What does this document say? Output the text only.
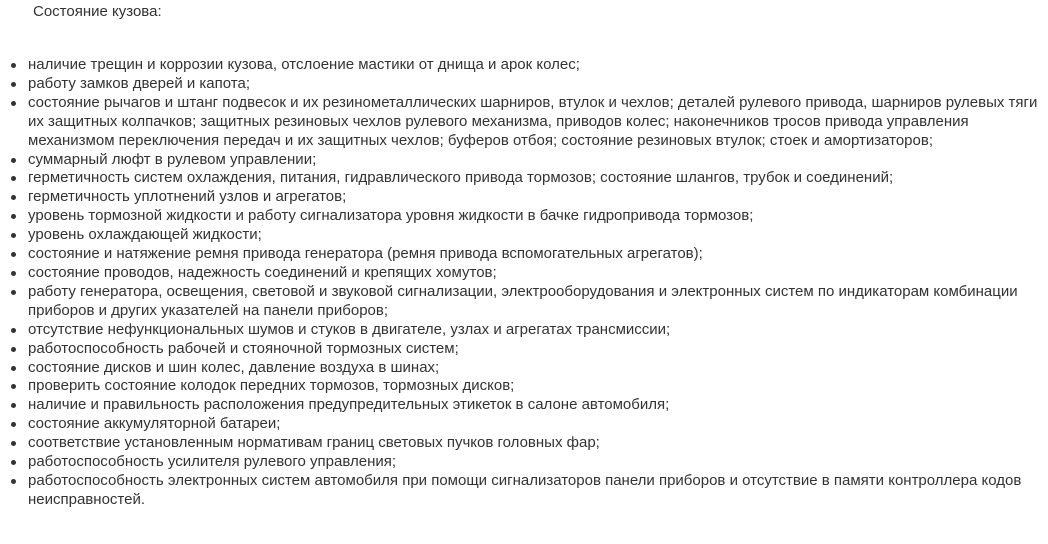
Состояние кузова:

наличие трещин и коррозии кузова, отслоение мастики от днища и арок колес;
работу замков дверей и капота;
состояние рычагов и штанг подвесок и их резинометаллических шарниров, втулок и чехлов; деталей рулевого привода, шарниров рулевых тяги их защитных колпачков; защитных резиновых чехлов рулевого механизма, приводов колес; наконечников тросов привода управления механизмом переключения передач и их защитных чехлов; буферов отбоя; состояние резиновых втулок; стоек и амортизаторов;
суммарный люфт в рулевом управлении;
герметичность систем охлаждения, питания, гидравлического привода тормозов; состояние шлангов, трубок и соединений;
герметичность уплотнений узлов и агрегатов;
уровень тормозной жидкости и работу сигнализатора уровня жидкости в бачке гидропривода тормозов;
уровень охлаждающей жидкости;
состояние и натяжение ремня привода генератора (ремня привода вспомогательных агрегатов);
состояние проводов, надежность соединений и крепящих хомутов;
работу генератора, освещения, световой и звуковой сигнализации, электрооборудования и электронных систем по индикаторам комбинации приборов и других указателей на панели приборов;
отсутствие нефункциональных шумов и стуков в двигателе, узлах и агрегатах трансмиссии;
работоспособность рабочей и стояночной тормозных систем;
состояние дисков и шин колес, давление воздуха в шинах;
проверить состояние колодок передних тормозов, тормозных дисков;
наличие и правильность расположения предупредительных этикеток в салоне автомобиля;
состояние аккумуляторной батареи;
соответствие установленным нормативам границ световых пучков головных фар;
работоспособность усилителя рулевого управления;
работоспособность электронных систем автомобиля при помощи сигнализаторов панели приборов и отсутствие в памяти контроллера кодов неисправностей.
